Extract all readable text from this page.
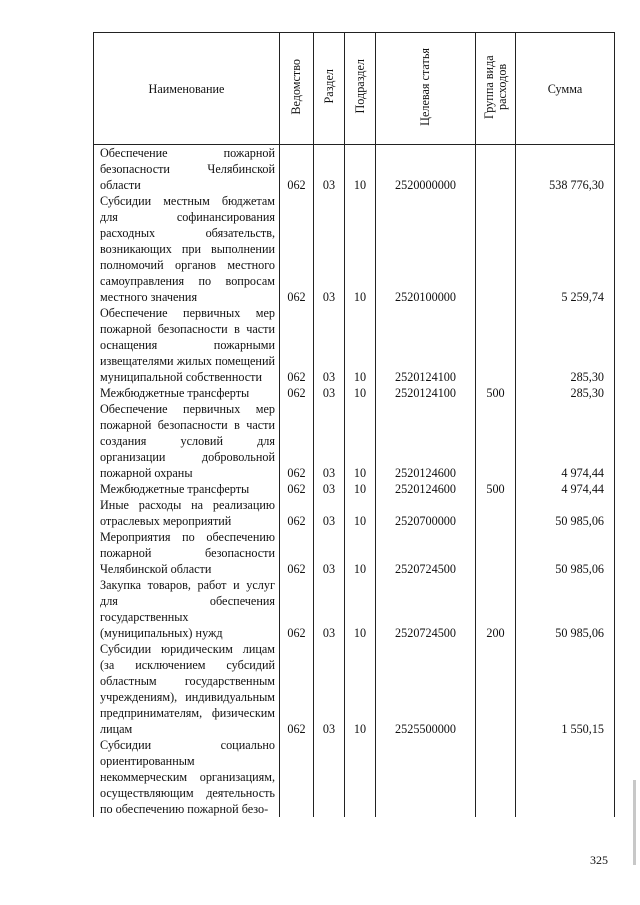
Наименование	Ведомство	Раздел	Подраздел	Целевая статья	Группа вида расходов	Сумма
Обеспечение пожарной безопасности Челябинской области	062	03	10	2520000000		538 776,30
Субсидии местным бюджетам для софинансирования расходных обязательств, возникающих при выполнении полномочий органов местного самоуправления по вопросам местного значения	062	03	10	2520100000		5 259,74
Обеспечение первичных мер пожарной безопасности в части оснащения пожарными извещателями жилых помещений муниципальной собственности	062	03	10	2520124100		285,30
Межбюджетные трансферты	062	03	10	2520124100	500	285,30
Обеспечение первичных мер пожарной безопасности в части создания условий для организации добровольной пожарной охраны	062	03	10	2520124600		4 974,44
Межбюджетные трансферты	062	03	10	2520124600	500	4 974,44
Иные расходы на реализацию отраслевых мероприятий	062	03	10	2520700000		50 985,06
Мероприятия по обеспечению пожарной безопасности Челябинской области	062	03	10	2520724500		50 985,06
Закупка товаров, работ и услуг для обеспечения государственных (муниципальных) нужд	062	03	10	2520724500	200	50 985,06
Субсидии юридическим лицам (за исключением субсидий областным государственным учреждениям), индивидуальным предпринимателям, физическим лицам	062	03	10	2525500000		1 550,15
Субсидии социально ориентированным некоммерческим организациям, осуществляющим деятельность по обеспечению пожарной безо-						
325
